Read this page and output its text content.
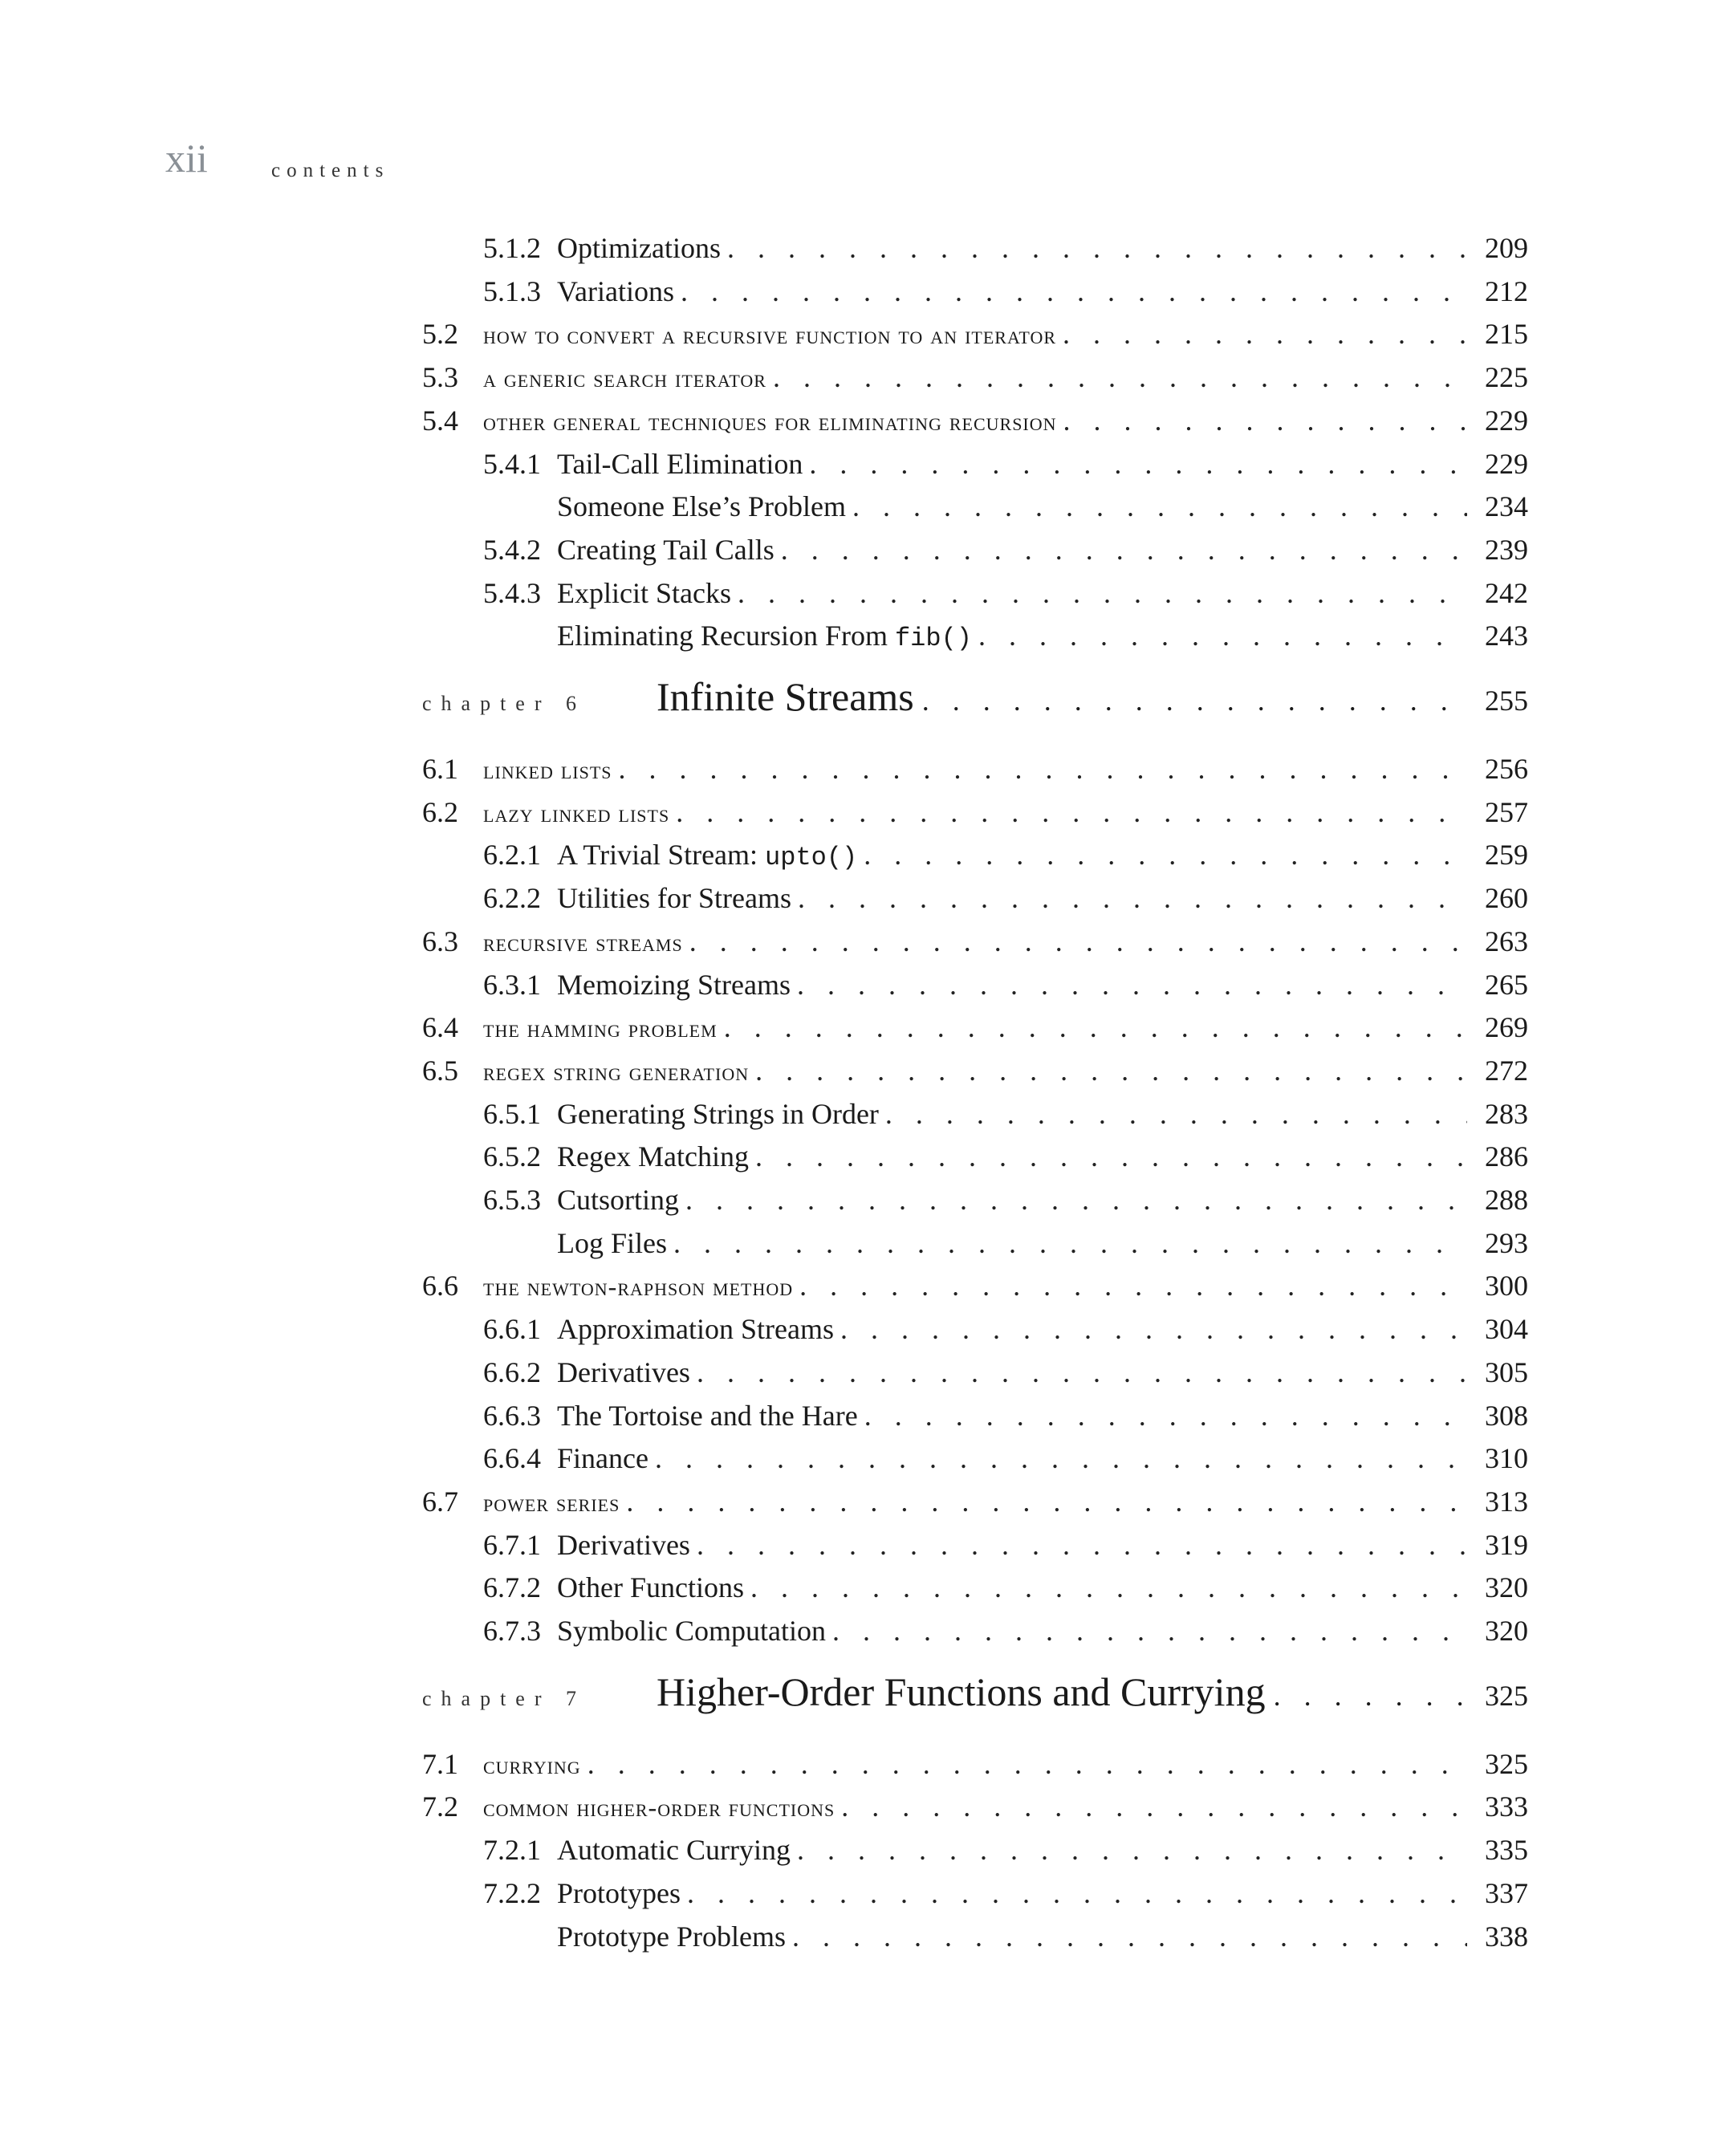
xii	contents
5.1.2 Optimizations . . .	209
5.1.3 Variations . . .	212
5.2 how to convert a recursive function to an iterator . . .	215
5.3 a generic search iterator . . .	225
5.4 other general techniques for eliminating recursion . . .	229
5.4.1 Tail-Call Elimination . . .	229
Someone Else’s Problem . . .	234
5.4.2 Creating Tail Calls . . .	239
5.4.3 Explicit Stacks . . .	242
Eliminating Recursion From fib() . . .	243
chapter 6	Infinite Streams . . .	255
6.1 linked lists . . .	256
6.2 lazy linked lists . . .	257
6.2.1 A Trivial Stream: upto() . . .	259
6.2.2 Utilities for Streams . . .	260
6.3 recursive streams . . .	263
6.3.1 Memoizing Streams . . .	265
6.4 the hamming problem . . .	269
6.5 regex string generation . . .	272
6.5.1 Generating Strings in Order . . .	283
6.5.2 Regex Matching . . .	286
6.5.3 Cutsorting . . .	288
Log Files . . .	293
6.6 the newton-raphson method . . .	300
6.6.1 Approximation Streams . . .	304
6.6.2 Derivatives . . .	305
6.6.3 The Tortoise and the Hare . . .	308
6.6.4 Finance . . .	310
6.7 power series . . .	313
6.7.1 Derivatives . . .	319
6.7.2 Other Functions . . .	320
6.7.3 Symbolic Computation . . .	320
chapter 7	Higher-Order Functions and Currying . . .	325
7.1 currying . . .	325
7.2 common higher-order functions . . .	333
7.2.1 Automatic Currying . . .	335
7.2.2 Prototypes . . .	337
Prototype Problems . . .	338
